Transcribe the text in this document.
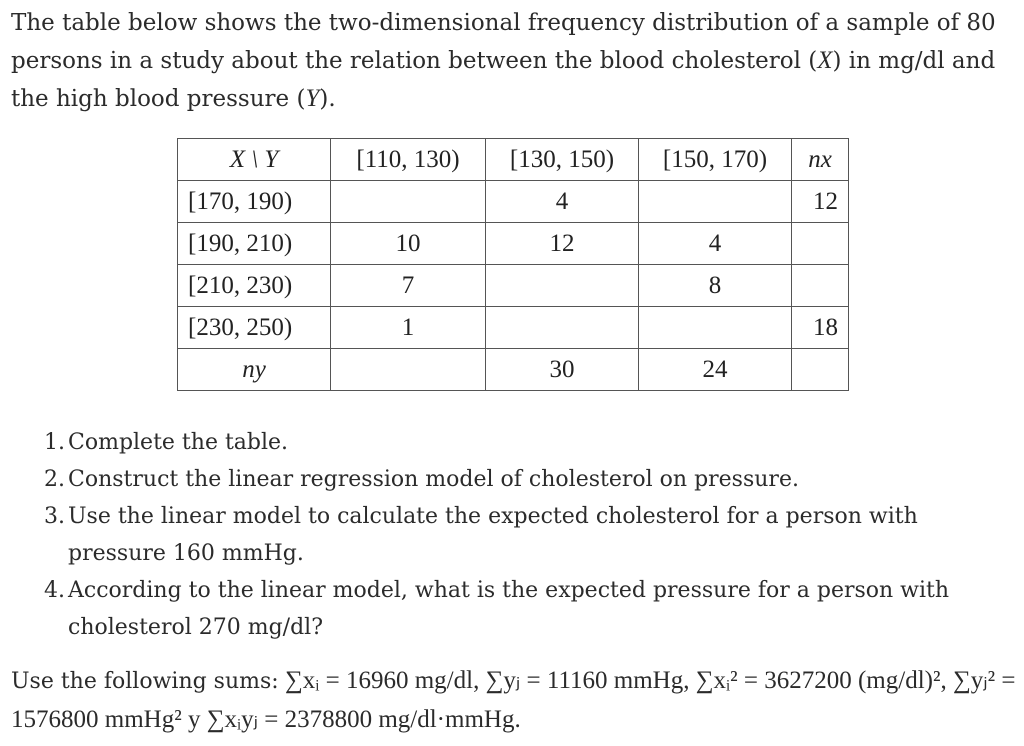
The table below shows the two-dimensional frequency distribution of a sample of 80 persons in a study about the relation between the blood cholesterol (X) in mg/dl and the high blood pressure (Y).

X \ Y	[110, 130)	[130, 150)	[150, 170)	nx
[170, 190)		4		12
[190, 210)	10	12	4	
[210, 230)	7		8	
[230, 250)	1			18
ny		30	24	
1. Complete the table.
2. Construct the linear regression model of cholesterol on pressure.
3. Use the linear model to calculate the expected cholesterol for a person with pressure 160 mmHg.
4. According to the linear model, what is the expected pressure for a person with cholesterol 270 mg/dl?

Use the following sums: ∑xᵢ = 16960 mg/dl, ∑yⱼ = 11160 mmHg, ∑xᵢ² = 3627200 (mg/dl)², ∑yⱼ² = 1576800 mmHg² y ∑xᵢyⱼ = 2378800 mg/dl·mmHg.
